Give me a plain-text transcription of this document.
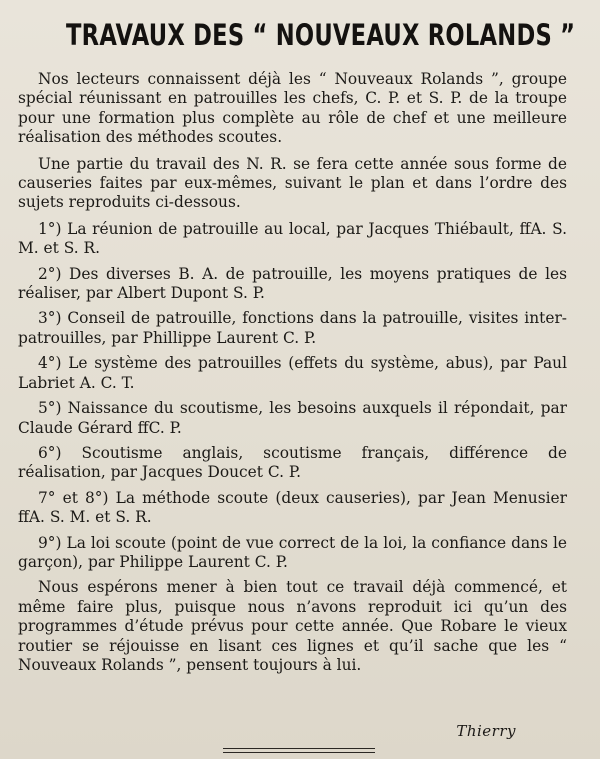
TRAVAUX DES “ NOUVEAUX ROLANDS ”

Nos lecteurs connaissent déjà les “ Nouveaux Rolands ”, groupe spécial réunissant en patrouilles les chefs, C. P. et S. P. de la troupe pour une formation plus complète au rôle de chef et une meilleure réalisation des méthodes scoutes.

Une partie du travail des N. R. se fera cette année sous forme de causeries faites par eux-mêmes, suivant le plan et dans l’ordre des sujets reproduits ci-dessous.

1°) La réunion de patrouille au local, par Jacques Thiébault, ffA. S. M. et S. R.

2°) Des diverses B. A. de patrouille, les moyens pratiques de les réaliser, par Albert Dupont S. P.

3°) Conseil de patrouille, fonctions dans la patrouille, visites inter-patrouilles, par Phillippe Laurent C. P.

4°) Le système des patrouilles (effets du système, abus), par Paul Labriet A. C. T.

5°) Naissance du scoutisme, les besoins auxquels il répondait, par Claude Gérard ffC. P.

6°) Scoutisme anglais, scoutisme français, différence de réalisation, par Jacques Doucet C. P.

7° et 8°) La méthode scoute (deux causeries), par Jean Menusier ffA. S. M. et S. R.

9°) La loi scoute (point de vue correct de la loi, la confiance dans le garçon), par Philippe Laurent C. P.

Nous espérons mener à bien tout ce travail déjà commencé, et même faire plus, puisque nous n’avons reproduit ici qu’un des programmes d’étude prévus pour cette année. Que Robare le vieux routier se réjouisse en lisant ces lignes et qu’il sache que les “ Nouveaux Rolands ”, pensent toujours à lui.

Thierry
